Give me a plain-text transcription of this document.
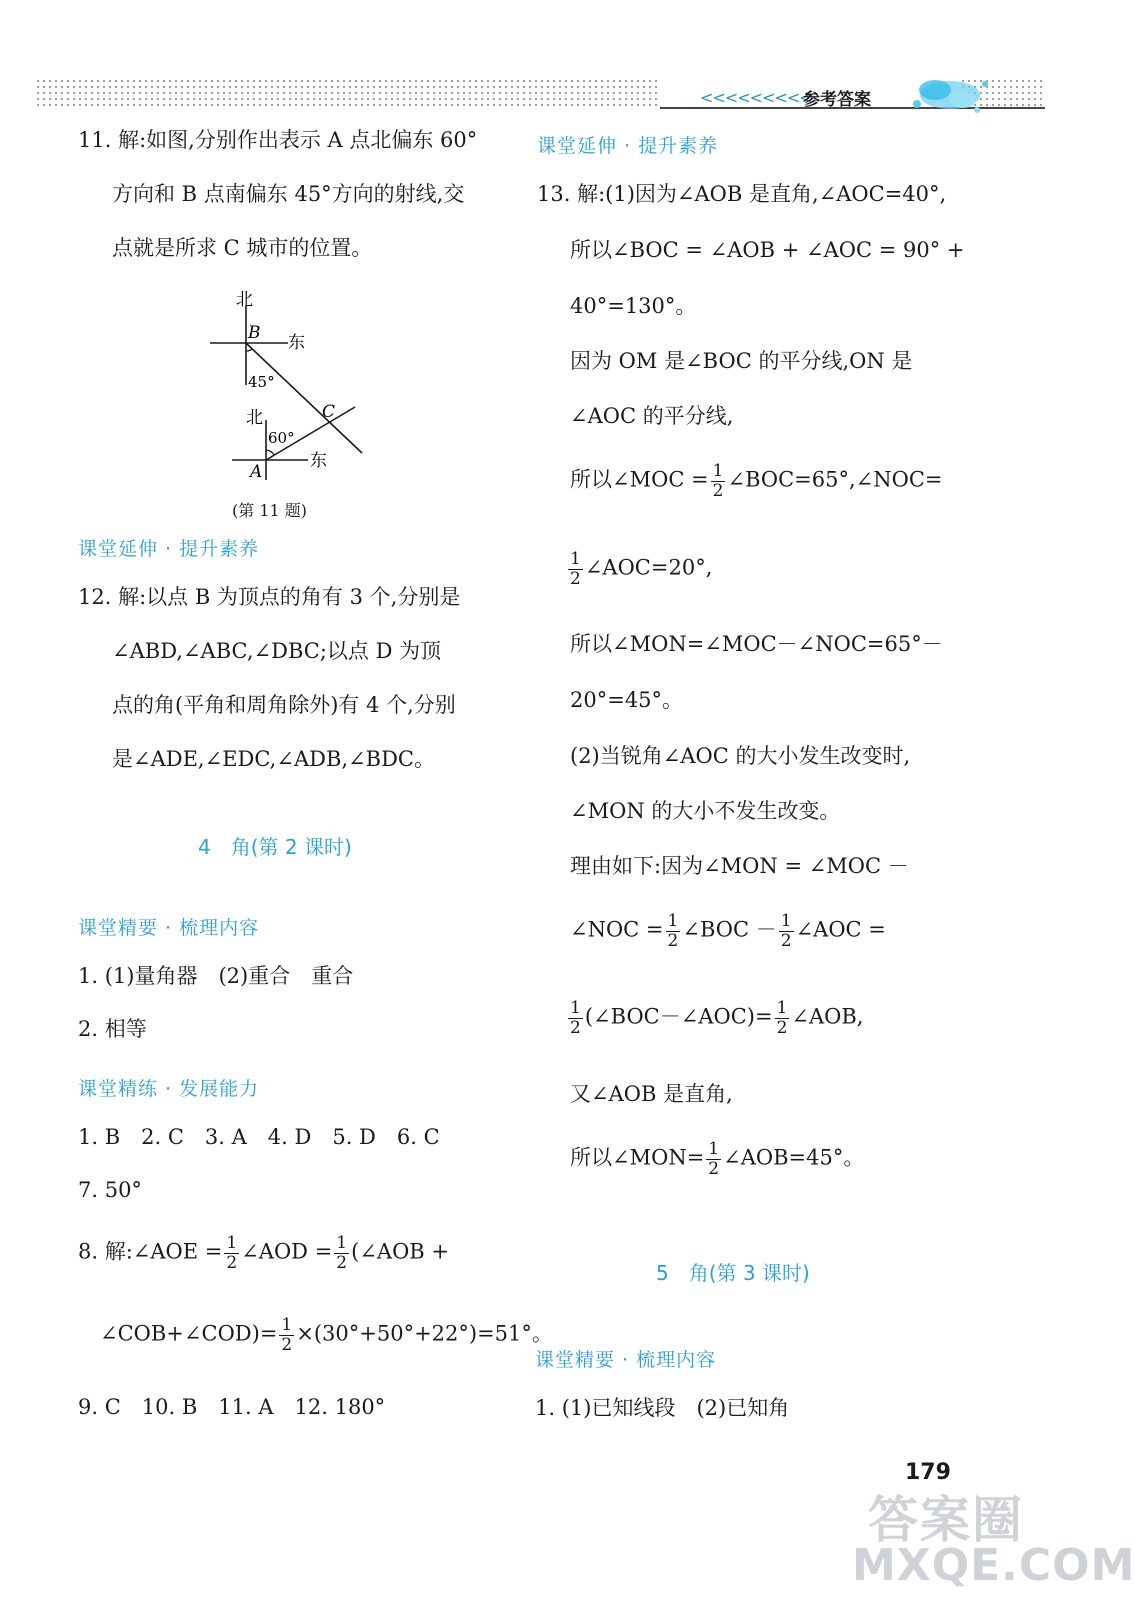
<<<<<<<<<
参考答案
11. 解:如图,分别作出表示 A 点北偏东 60°
方向和 B 点南偏东 45°方向的射线,交
点就是所求 C 城市的位置。
北
B 东
45°
北	C
60°
A
东
(第 11 题)
课堂延伸 · 提升素养
12. 解:以点 B 为顶点的角有 3 个,分别是
∠ABD,∠ABC,∠DBC;以点 D 为顶
点的角(平角和周角除外)有 4 个,分别
是∠ADE,∠EDC,∠ADB,∠BDC。
4　角(第 2 课时)
课堂精要 · 梳理内容
1. (1)量角器　(2)重合　重合
2. 相等
课堂精练 · 发展能力
1. B　2. C　3. A　4. D　5. D　6. C
7. 50°
8. 解:∠AOE = $\frac{1}{2}$ ∠AOD = $\frac{1}{2}$ (∠AOB +
∠COB+∠COD)= $\frac{1}{2} \times(30^\circ+50^\circ+22^\circ)=51^\circ$。
9. C　10. B　11. A　12. 180°
课堂延伸 · 提升素养
13. 解:(1)因为∠AOB 是直角,∠AOC=40°,
所以∠BOC = ∠AOB + ∠AOC = 90° +
40°=130°。
因为 OM 是∠BOC 的平分线,ON 是
∠AOC 的平分线,
所以∠MOC = $\frac{1}{2}$ ∠BOC=65°,∠NOC=
$\frac{1}{2}$ ∠AOC=20°,
所以∠MON=∠MOC－∠NOC=65°－
20°=45°。
(2)当锐角∠AOC 的大小发生改变时,
∠MON 的大小不发生改变。
理由如下:因为∠MON = ∠MOC －
∠NOC = $\frac{1}{2}$ ∠BOC － $\frac{1}{2}$ ∠AOC =
$\frac{1}{2}$ (∠BOC－∠AOC)= $\frac{1}{2}$ ∠AOB,
又∠AOB 是直角,
所以∠MON= $\frac{1}{2}$ ∠AOB=45°。
5　角(第 3 课时)
课堂精要 · 梳理内容
1. (1)已知线段　(2)已知角
179
答案圈
MXQE.COM
